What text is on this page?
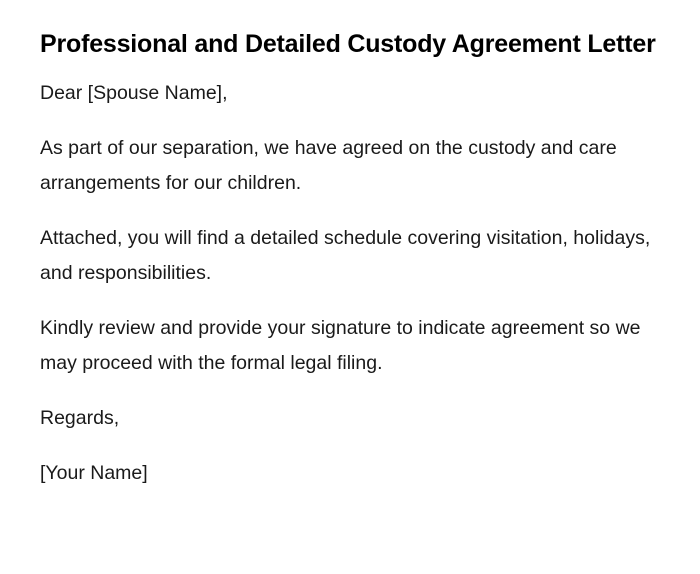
Professional and Detailed Custody Agreement Letter

Dear [Spouse Name],

As part of our separation, we have agreed on the custody and care arrangements for our children.

Attached, you will find a detailed schedule covering visitation, holidays, and responsibilities.

Kindly review and provide your signature to indicate agreement so we may proceed with the formal legal filing.

Regards,

[Your Name]
